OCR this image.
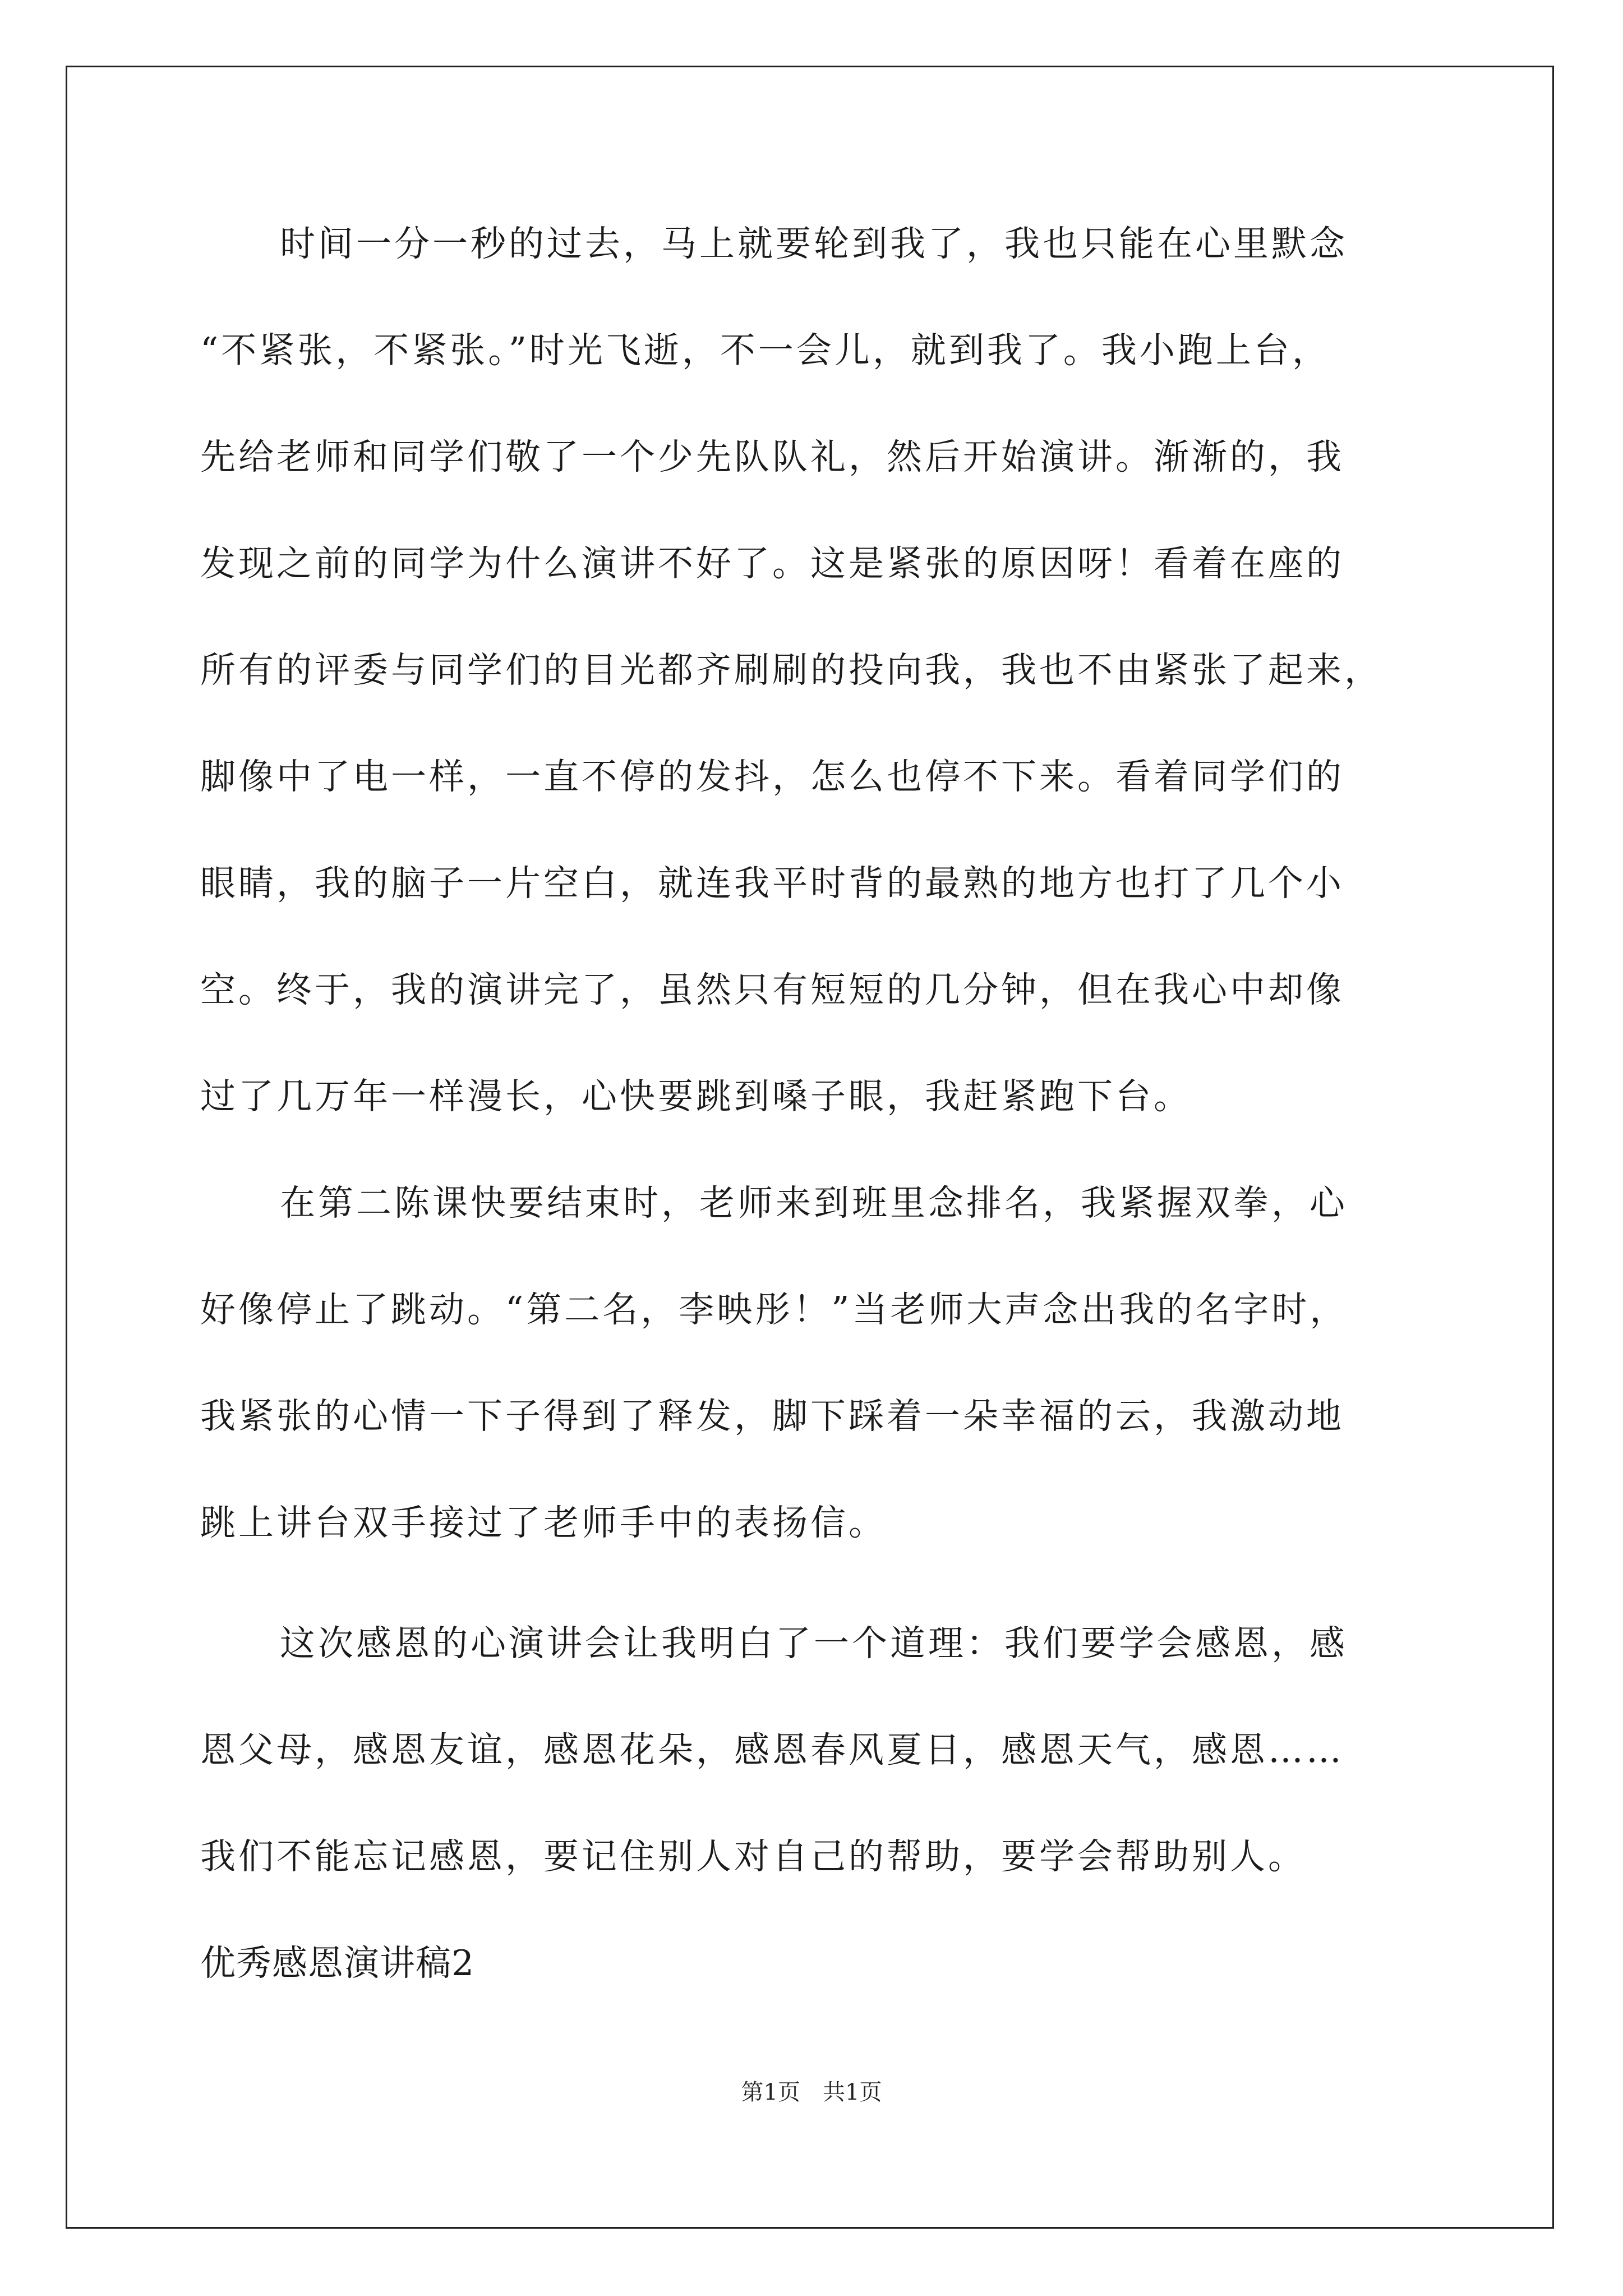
时间一分一秒的过去，马上就要轮到我了，我也只能在心里默念
“不紧张，不紧张。”时光飞逝，不一会儿，就到我了。我小跑上台，
先给老师和同学们敬了一个少先队队礼，然后开始演讲。渐渐的，我
发现之前的同学为什么演讲不好了。这是紧张的原因呀！看着在座的
所有的评委与同学们的目光都齐刷刷的投向我，我也不由紧张了起来，
脚像中了电一样，一直不停的发抖，怎么也停不下来。看着同学们的
眼睛，我的脑子一片空白，就连我平时背的最熟的地方也打了几个小
空。终于，我的演讲完了，虽然只有短短的几分钟，但在我心中却像
过了几万年一样漫长，心快要跳到嗓子眼，我赶紧跑下台。
在第二陈课快要结束时，老师来到班里念排名，我紧握双拳，心
好像停止了跳动。“第二名，李映彤！”当老师大声念出我的名字时，
我紧张的心情一下子得到了释发，脚下踩着一朵幸福的云，我激动地
跳上讲台双手接过了老师手中的表扬信。
这次感恩的心演讲会让我明白了一个道理：我们要学会感恩，感
恩父母，感恩友谊，感恩花朵，感恩春风夏日，感恩天气，感恩……
我们不能忘记感恩，要记住别人对自己的帮助，要学会帮助别人。
优秀感恩演讲稿2
第1页 共1页
